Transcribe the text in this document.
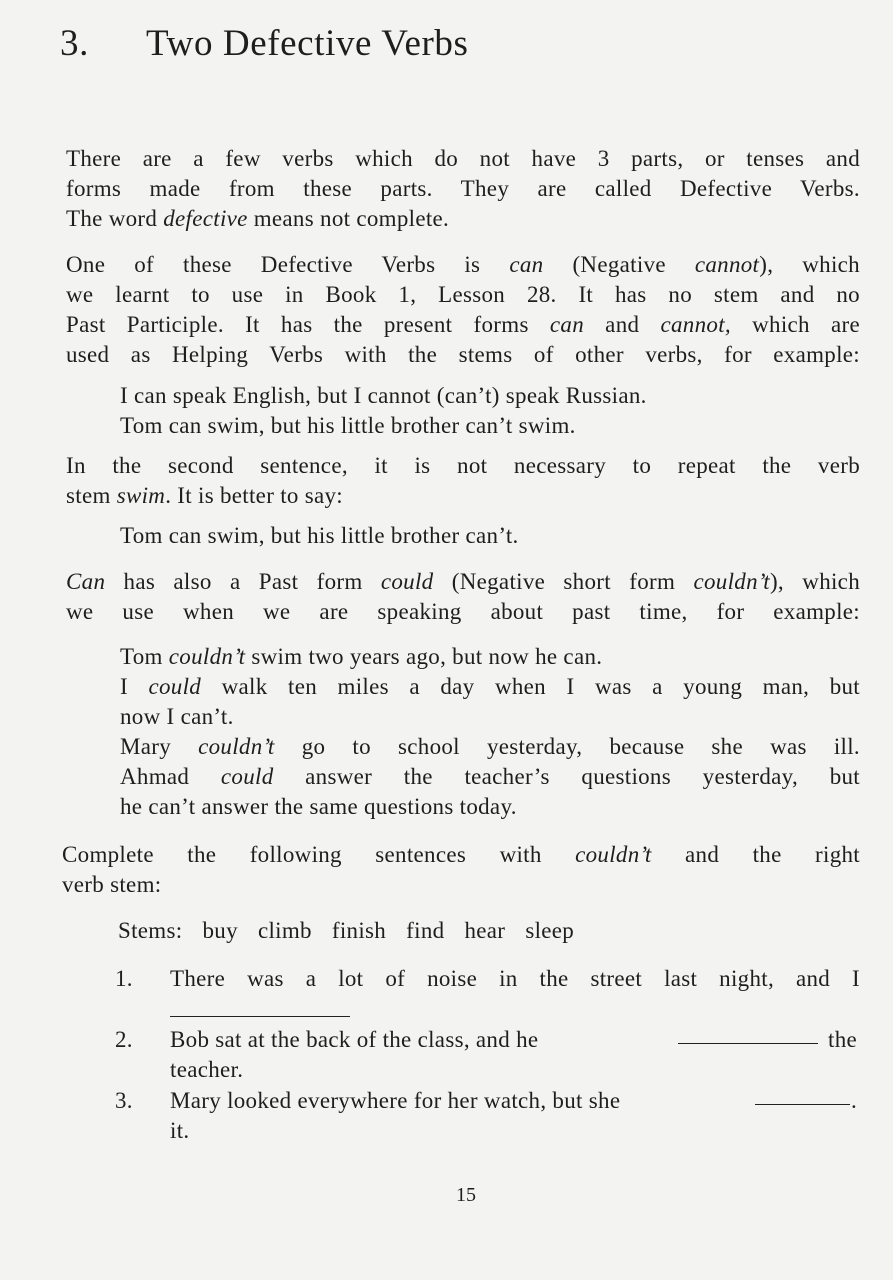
3. Two Defective Verbs
There are a few verbs which do not have 3 parts, or tenses and
forms made from these parts. They are called Defective Verbs.
The word defective means not complete.
One of these Defective Verbs is can (Negative cannot), which
we learnt to use in Book 1, Lesson 28. It has no stem and no
Past Participle. It has the present forms can and cannot, which are
used as Helping Verbs with the stems of other verbs, for example:
I can speak English, but I cannot (can’t) speak Russian.
Tom can swim, but his little brother can’t swim.
In the second sentence, it is not necessary to repeat the verb
stem swim. It is better to say:
Tom can swim, but his little brother can’t.
Can has also a Past form could (Negative short form couldn’t), which
we use when we are speaking about past time, for example:
Tom couldn’t swim two years ago, but now he can.
I could walk ten miles a day when I was a young man, but
now I can’t.
Mary couldn’t go to school yesterday, because she was ill.
Ahmad could answer the teacher’s questions yesterday, but
he can’t answer the same questions today.
Complete the following sentences with couldn’t and the right
verb stem:
Stems: buy climb finish find hear sleep
1.	There was a lot of noise in the street last night, and I
2.	Bob sat at the back of the class, and he	the
teacher.
3.	Mary looked everywhere for her watch, but she	.
it.
15
